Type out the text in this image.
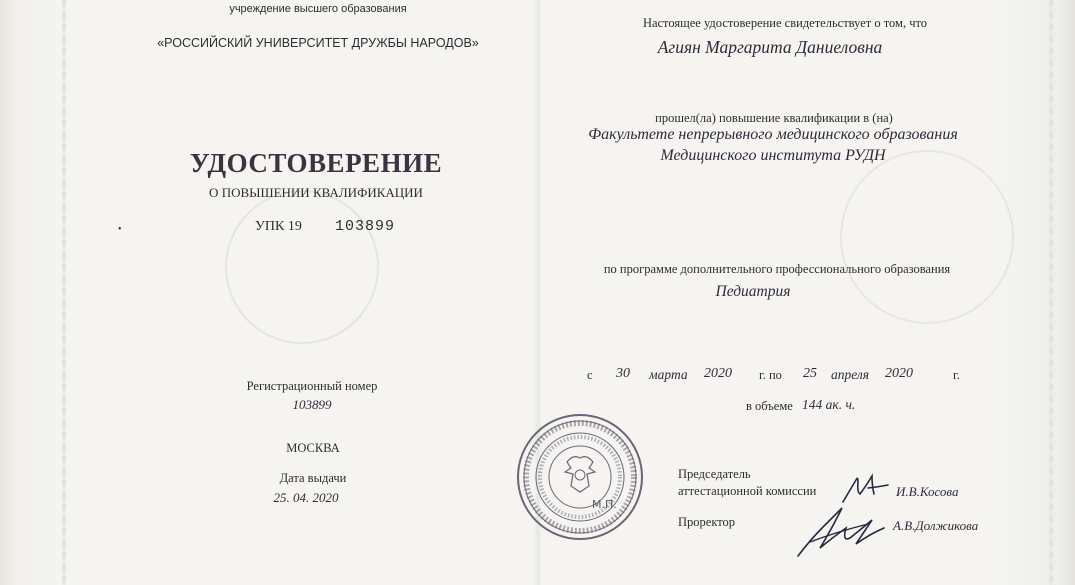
учреждение высшего образования
«РОССИЙСКИЙ УНИВЕРСИТЕТ ДРУЖБЫ НАРОДОВ»
УДОСТОВЕРЕНИЕ
О ПОВЫШЕНИИ КВАЛИФИКАЦИИ
•	УПК 19 103899
Регистрационный номер
103899
МОСКВА
Дата выдачи
25. 04. 2020
Настоящее удостоверение свидетельствует о том, что
Агиян Маргарита Даниеловна
прошел(ла) повышение квалификации в (на)
Факультете непрерывного медицинского образования
Медицинского института РУДН
по программе дополнительного профессионального образования
Педиатрия
с 30 марта 2020 г. по 25 апреля 2020	г.
в объеме 144 ак. ч.
М.П.
Председатель
аттестационной комиссии	И.В.Косова
Проректор	А.В.Должикова
